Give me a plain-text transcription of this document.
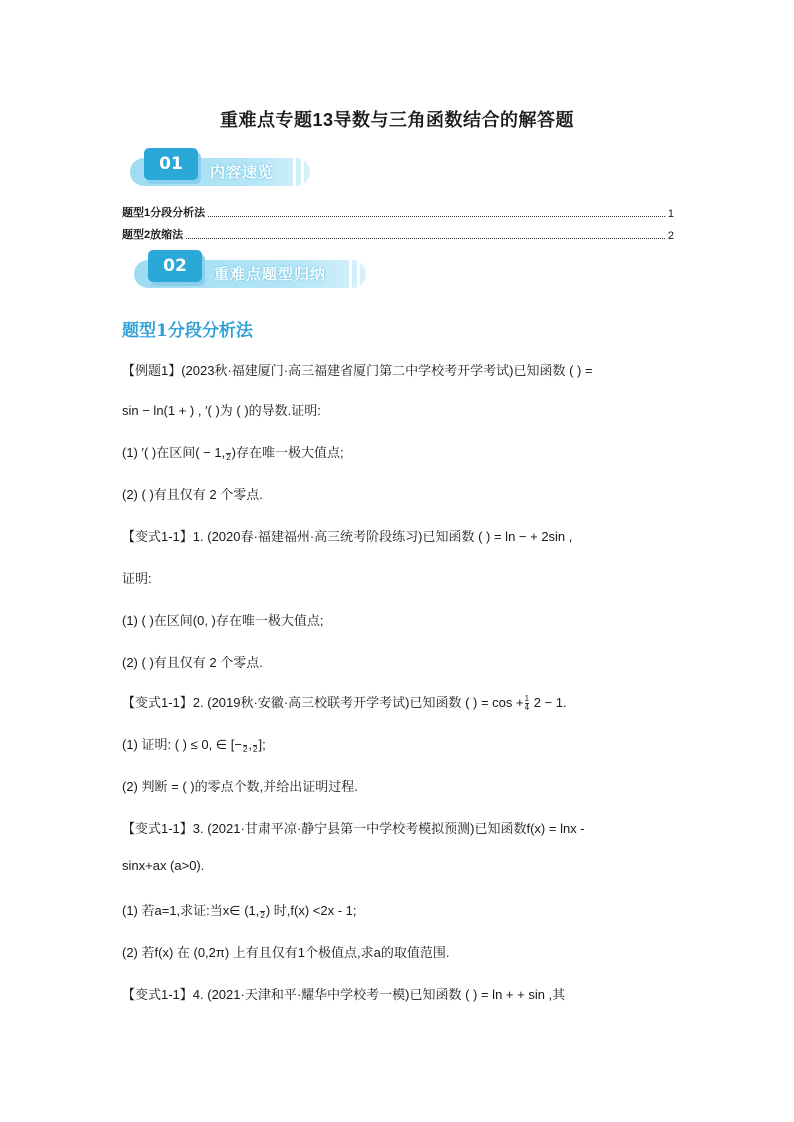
重难点专题13导数与三角函数结合的解答题
01	内容速览
题型1分段分析法	1
题型2放缩法	2
02	重难点题型归纳
题型1分段分析法
【例题1】(2023秋·福建厦门·高三福建省厦门第二中学校考开学考试)已知函数 ( ) =
sin − ln(1 + ) , ′( )为 ( )的导数.证明:
(1) ′( )在区间( − 1,
2 )存在唯一极大值点;
(2) ( )有且仅有 2 个零点.
【变式1-1】1. (2020春·福建福州·高三统考阶段练习)已知函数 ( ) = ln − + 2sin ,
证明:
(1) ( )在区间(0, )存在唯一极大值点;
(2) ( )有且仅有 2 个零点.
【变式1-1】2. (2019秋·安徽·高三校联考开学考试)已知函数 ( ) = $\cos + \frac{1}{4} 2 - 1$.
(1) 证明: ( ) ≤ 0, ∈ [−
2 ,
2 ];
(2) 判断 = ( )的零点个数,并给出证明过程.
【变式1-1】3. (2021·甘肃平凉·静宁县第一中学校考模拟预测)已知函数f(x) = lnx -
sinx+ax (a>0).
(1) 若a=1,求证:当x∈ (1,
2 ) 时,f(x) <2x - 1;
(2) 若f(x) 在 (0,2π) 上有且仅有1个极值点,求a的取值范围.
【变式1-1】4. (2021·天津和平·耀华中学校考一模)已知函数 ( ) = ln + + sin ,其
